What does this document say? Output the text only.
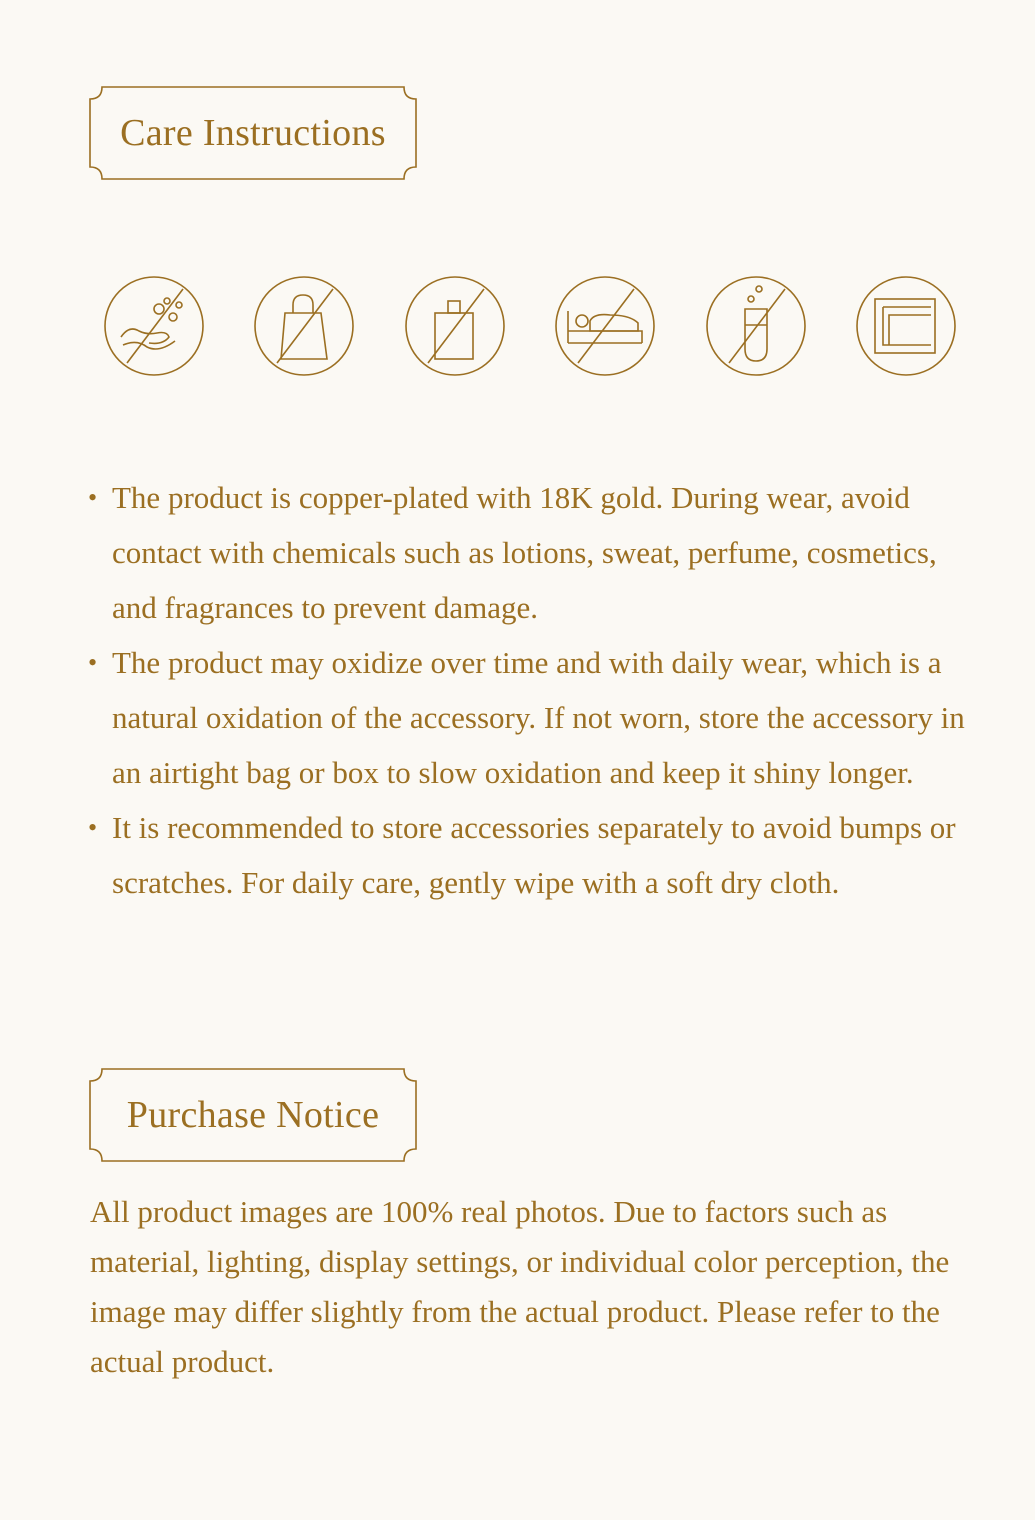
Care Instructions
• The product is copper-plated with 18K gold. During wear, avoid contact with chemicals such as lotions, sweat, perfume, cosmetics, and fragrances to prevent damage.
• The product may oxidize over time and with daily wear, which is a natural oxidation of the accessory. If not worn, store the accessory in an airtight bag or box to slow oxidation and keep it shiny longer.
• It is recommended to store accessories separately to avoid bumps or scratches. For daily care, gently wipe with a soft dry cloth.
Purchase Notice

All product images are 100% real photos. Due to factors such as material, lighting, display settings, or individual color perception, the image may differ slightly from the actual product. Please refer to the actual product.
